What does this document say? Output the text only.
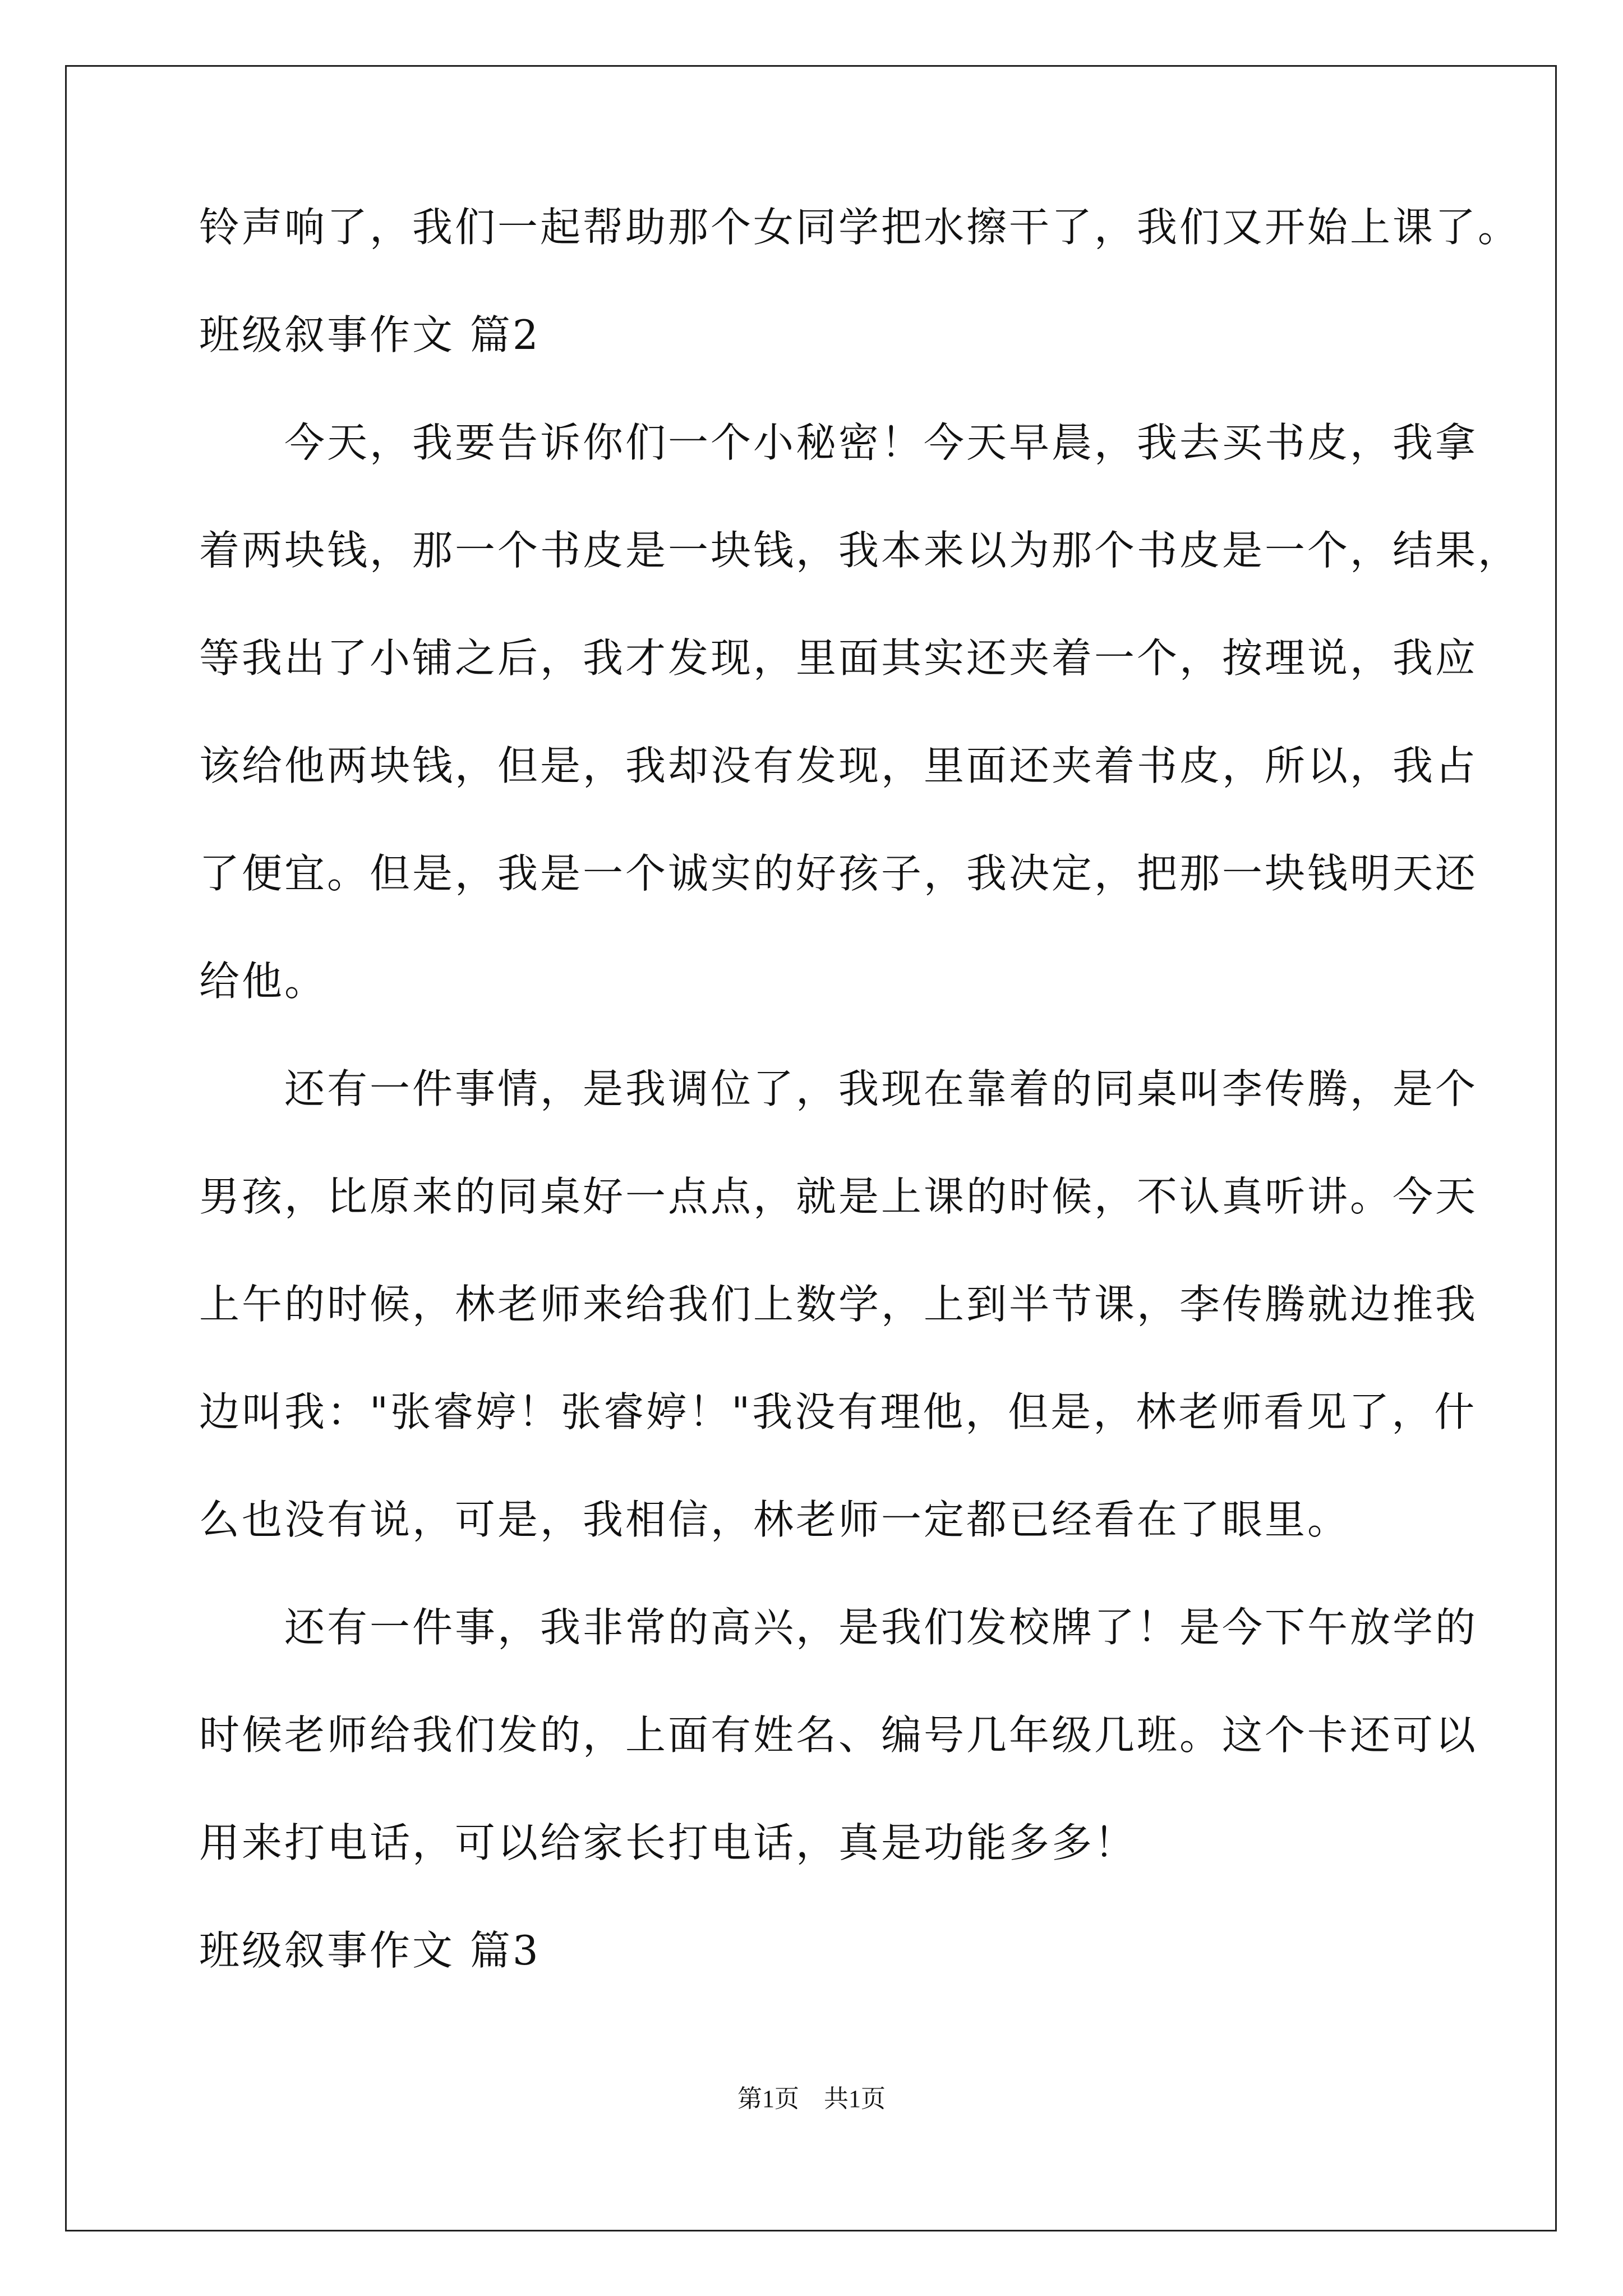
铃声响了，我们一起帮助那个女同学把水擦干了，我们又开始上课了。
班级叙事作文 篇2
　　今天，我要告诉你们一个小秘密！今天早晨，我去买书皮，我拿
着两块钱，那一个书皮是一块钱，我本来以为那个书皮是一个，结果，
等我出了小铺之后，我才发现，里面其实还夹着一个，按理说，我应
该给他两块钱，但是，我却没有发现，里面还夹着书皮，所以，我占
了便宜。但是，我是一个诚实的好孩子，我决定，把那一块钱明天还
给他。
　　还有一件事情，是我调位了，我现在靠着的同桌叫李传腾，是个
男孩，比原来的同桌好一点点，就是上课的时候，不认真听讲。今天
上午的时候，林老师来给我们上数学，上到半节课，李传腾就边推我
边叫我："张睿婷！张睿婷！"我没有理他，但是，林老师看见了，什
么也没有说，可是，我相信，林老师一定都已经看在了眼里。
　　还有一件事，我非常的高兴，是我们发校牌了！是今下午放学的
时候老师给我们发的，上面有姓名、编号几年级几班。这个卡还可以
用来打电话，可以给家长打电话，真是功能多多！
班级叙事作文 篇3
第1页　共1页
